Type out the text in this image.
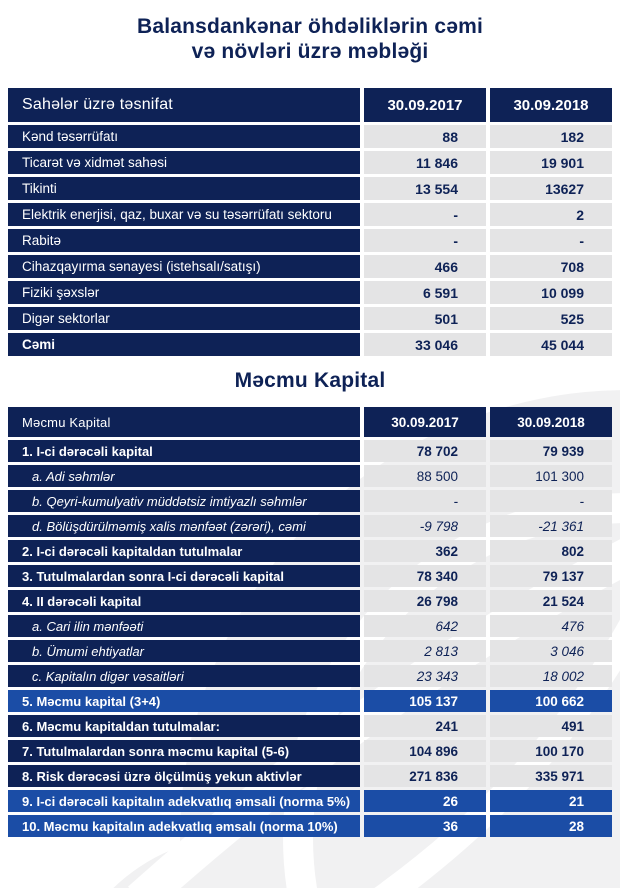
Balansdankənar öhdəliklərin cəmi
və növləri üzrə məbləği
Sahələr üzrə təsnifat	30.09.2017	30.09.2018
Kənd təsərrüfatı	88	182
Ticarət və xidmət sahəsi	11 846	19 901
Tikinti	13 554	13627
Elektrik enerjisi, qaz, buxar və su təsərrüfatı sektoru	-	2
Rabitə	-	-
Cihazqayırma sənayesi (istehsalı/satışı)	466	708
Fiziki şəxslər	6 591	10 099
Digər sektorlar	501	525
Cəmi	33 046	45 044
Məcmu Kapital
Məcmu Kapital	30.09.2017	30.09.2018
1. I-ci dərəcəli kapital	78 702	79 939
a. Adi səhmlər	88 500	101 300
b. Qeyri-kumulyativ müddətsiz imtiyazlı səhmlər	-	-
d. Bölüşdürülməmiş xalis mənfəət (zərəri), cəmi	-9 798	-21 361
2. I-ci dərəcəli kapitaldan tutulmalar	362	802
3. Tutulmalardan sonra I-ci dərəcəli kapital	78 340	79 137
4. II dərəcəli kapital	26 798	21 524
a. Cari ilin mənfəəti	642	476
b. Ümumi ehtiyatlar	2 813	3 046
c. Kapitalın digər vəsaitləri	23 343	18 002
5. Məcmu kapital (3+4)	105 137	100 662
6. Məcmu kapitaldan tutulmalar:	241	491
7. Tutulmalardan sonra məcmu kapital (5-6)	104 896	100 170
8. Risk dərəcəsi üzrə ölçülmüş yekun aktivlər	271 836	335 971
9. I-ci dərəcəli kapitalın adekvatlıq əmsali (norma 5%)	26	21
10. Məcmu kapitalın adekvatlıq əmsalı (norma 10%)	36	28
